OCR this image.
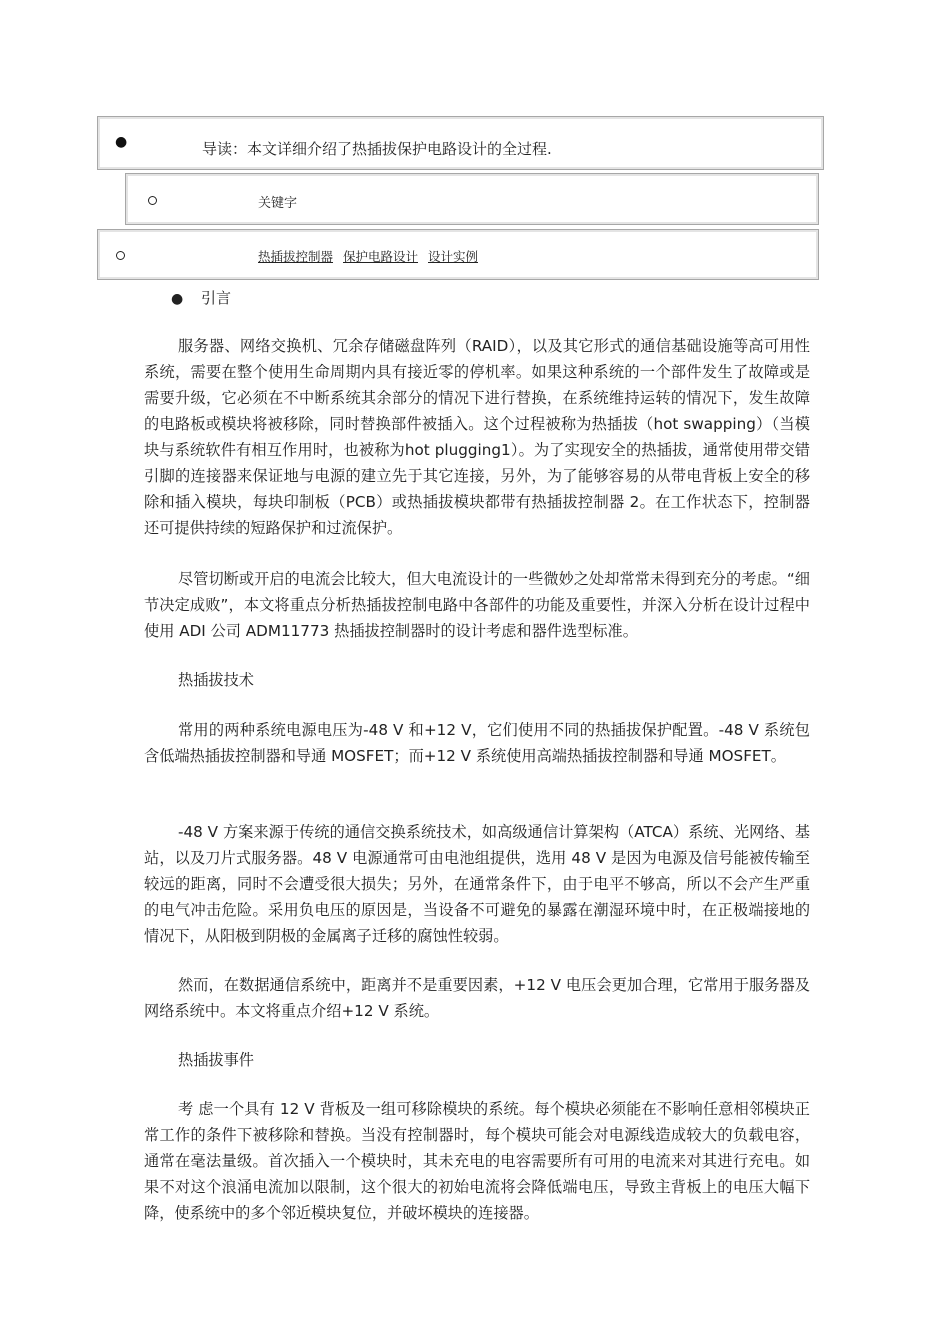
●	导读：本文详细介绍了热插拔保护电路设计的全过程.
关键字
热插拔控制器 保护电路设计 设计实例
● 引言

服务器、网络交换机、冗余存储磁盘阵列（RAID），以及其它形式的通信基础设施等高可用性系统，需要在整个使用生命周期内具有接近零的停机率。如果这种系统的一个部件发生了故障或是需要升级，它必须在不中断系统其余部分的情况下进行替换，在系统维持运转的情况下，发生故障的电路板或模块将被移除，同时替换部件被插入。这个过程被称为热插拔（hot swapping）（当模块与系统软件有相互作用时，也被称为hot plugging1）。为了实现安全的热插拔，通常使用带交错引脚的连接器来保证地与电源的建立先于其它连接，另外，为了能够容易的从带电背板上安全的移除和插入模块，每块印制板（PCB）或热插拔模块都带有热插拔控制器 2。在工作状态下，控制器还可提供持续的短路保护和过流保护。

尽管切断或开启的电流会比较大，但大电流设计的一些微妙之处却常常未得到充分的考虑。“细节决定成败”，本文将重点分析热插拔控制电路中各部件的功能及重要性，并深入分析在设计过程中使用 ADI 公司 ADM11773 热插拔控制器时的设计考虑和器件选型标准。

热插拔技术

常用的两种系统电源电压为-48 V 和+12 V，它们使用不同的热插拔保护配置。-48 V 系统包含低端热插拔控制器和导通 MOSFET；而+12 V 系统使用高端热插拔控制器和导通 MOSFET。

-48 V 方案来源于传统的通信交换系统技术，如高级通信计算架构（ATCA）系统、光网络、基站，以及刀片式服务器。48 V 电源通常可由电池组提供，选用 48 V 是因为电源及信号能被传输至较远的距离，同时不会遭受很大损失；另外，在通常条件下，由于电平不够高，所以不会产生严重的电气冲击危险。采用负电压的原因是，当设备不可避免的暴露在潮湿环境中时，在正极端接地的情况下，从阳极到阴极的金属离子迁移的腐蚀性较弱。

然而，在数据通信系统中，距离并不是重要因素，+12 V 电压会更加合理，它常用于服务器及网络系统中。本文将重点介绍+12 V 系统。

热插拔事件

考 虑一个具有 12 V 背板及一组可移除模块的系统。每个模块必须能在不影响任意相邻模块正常工作的条件下被移除和替换。当没有控制器时，每个模块可能会对电源线造成较大的负载电容，通常在毫法量级。首次插入一个模块时，其未充电的电容需要所有可用的电流来对其进行充电。如果不对这个浪涌电流加以限制，这个很大的初始电流将会降低端电压，导致主背板上的电压大幅下降，使系统中的多个邻近模块复位，并破坏模块的连接器。
